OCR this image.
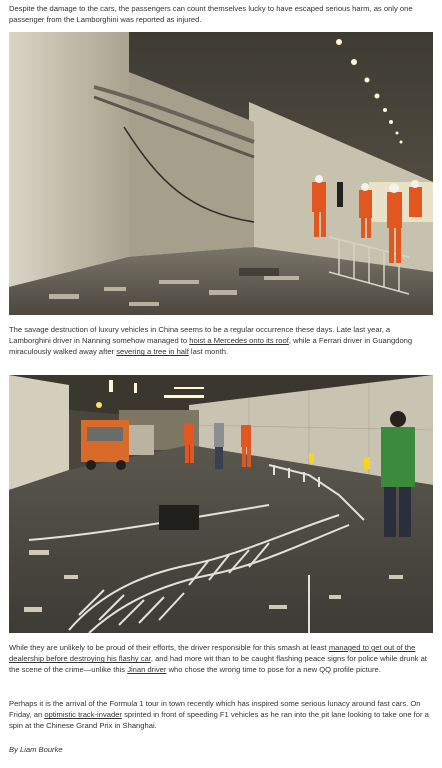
Despite the damage to the cars, the passengers can count themselves lucky to have escaped serious harm, as only one passenger from the Lamborghini was reported as injured.

The savage destruction of luxury vehicles in China seems to be a regular occurrence these days. Late last year, a Lamborghini driver in Nanning somehow managed to hoist a Mercedes onto its roof, while a Ferrari driver in Guangdong miraculously walked away after severing a tree in half last month.

While they are unlikely to be proud of their efforts, the driver responsible for this smash at least managed to get out of the dealership before destroying his flashy car, and had more wit than to be caught flashing peace signs for police while drunk at the scene of the crime—unlike this Jinan driver who chose the wrong time to pose for a new QQ profile picture.

Perhaps it is the arrival of the Formula 1 tour in town recently which has inspired some serious lunacy around fast cars. On Friday, an optimistic track-invader sprinted in front of speeding F1 vehicles as he ran into the pit lane looking to take one for a spin at the Chinese Grand Prix in Shanghai.

By Liam Bourke
